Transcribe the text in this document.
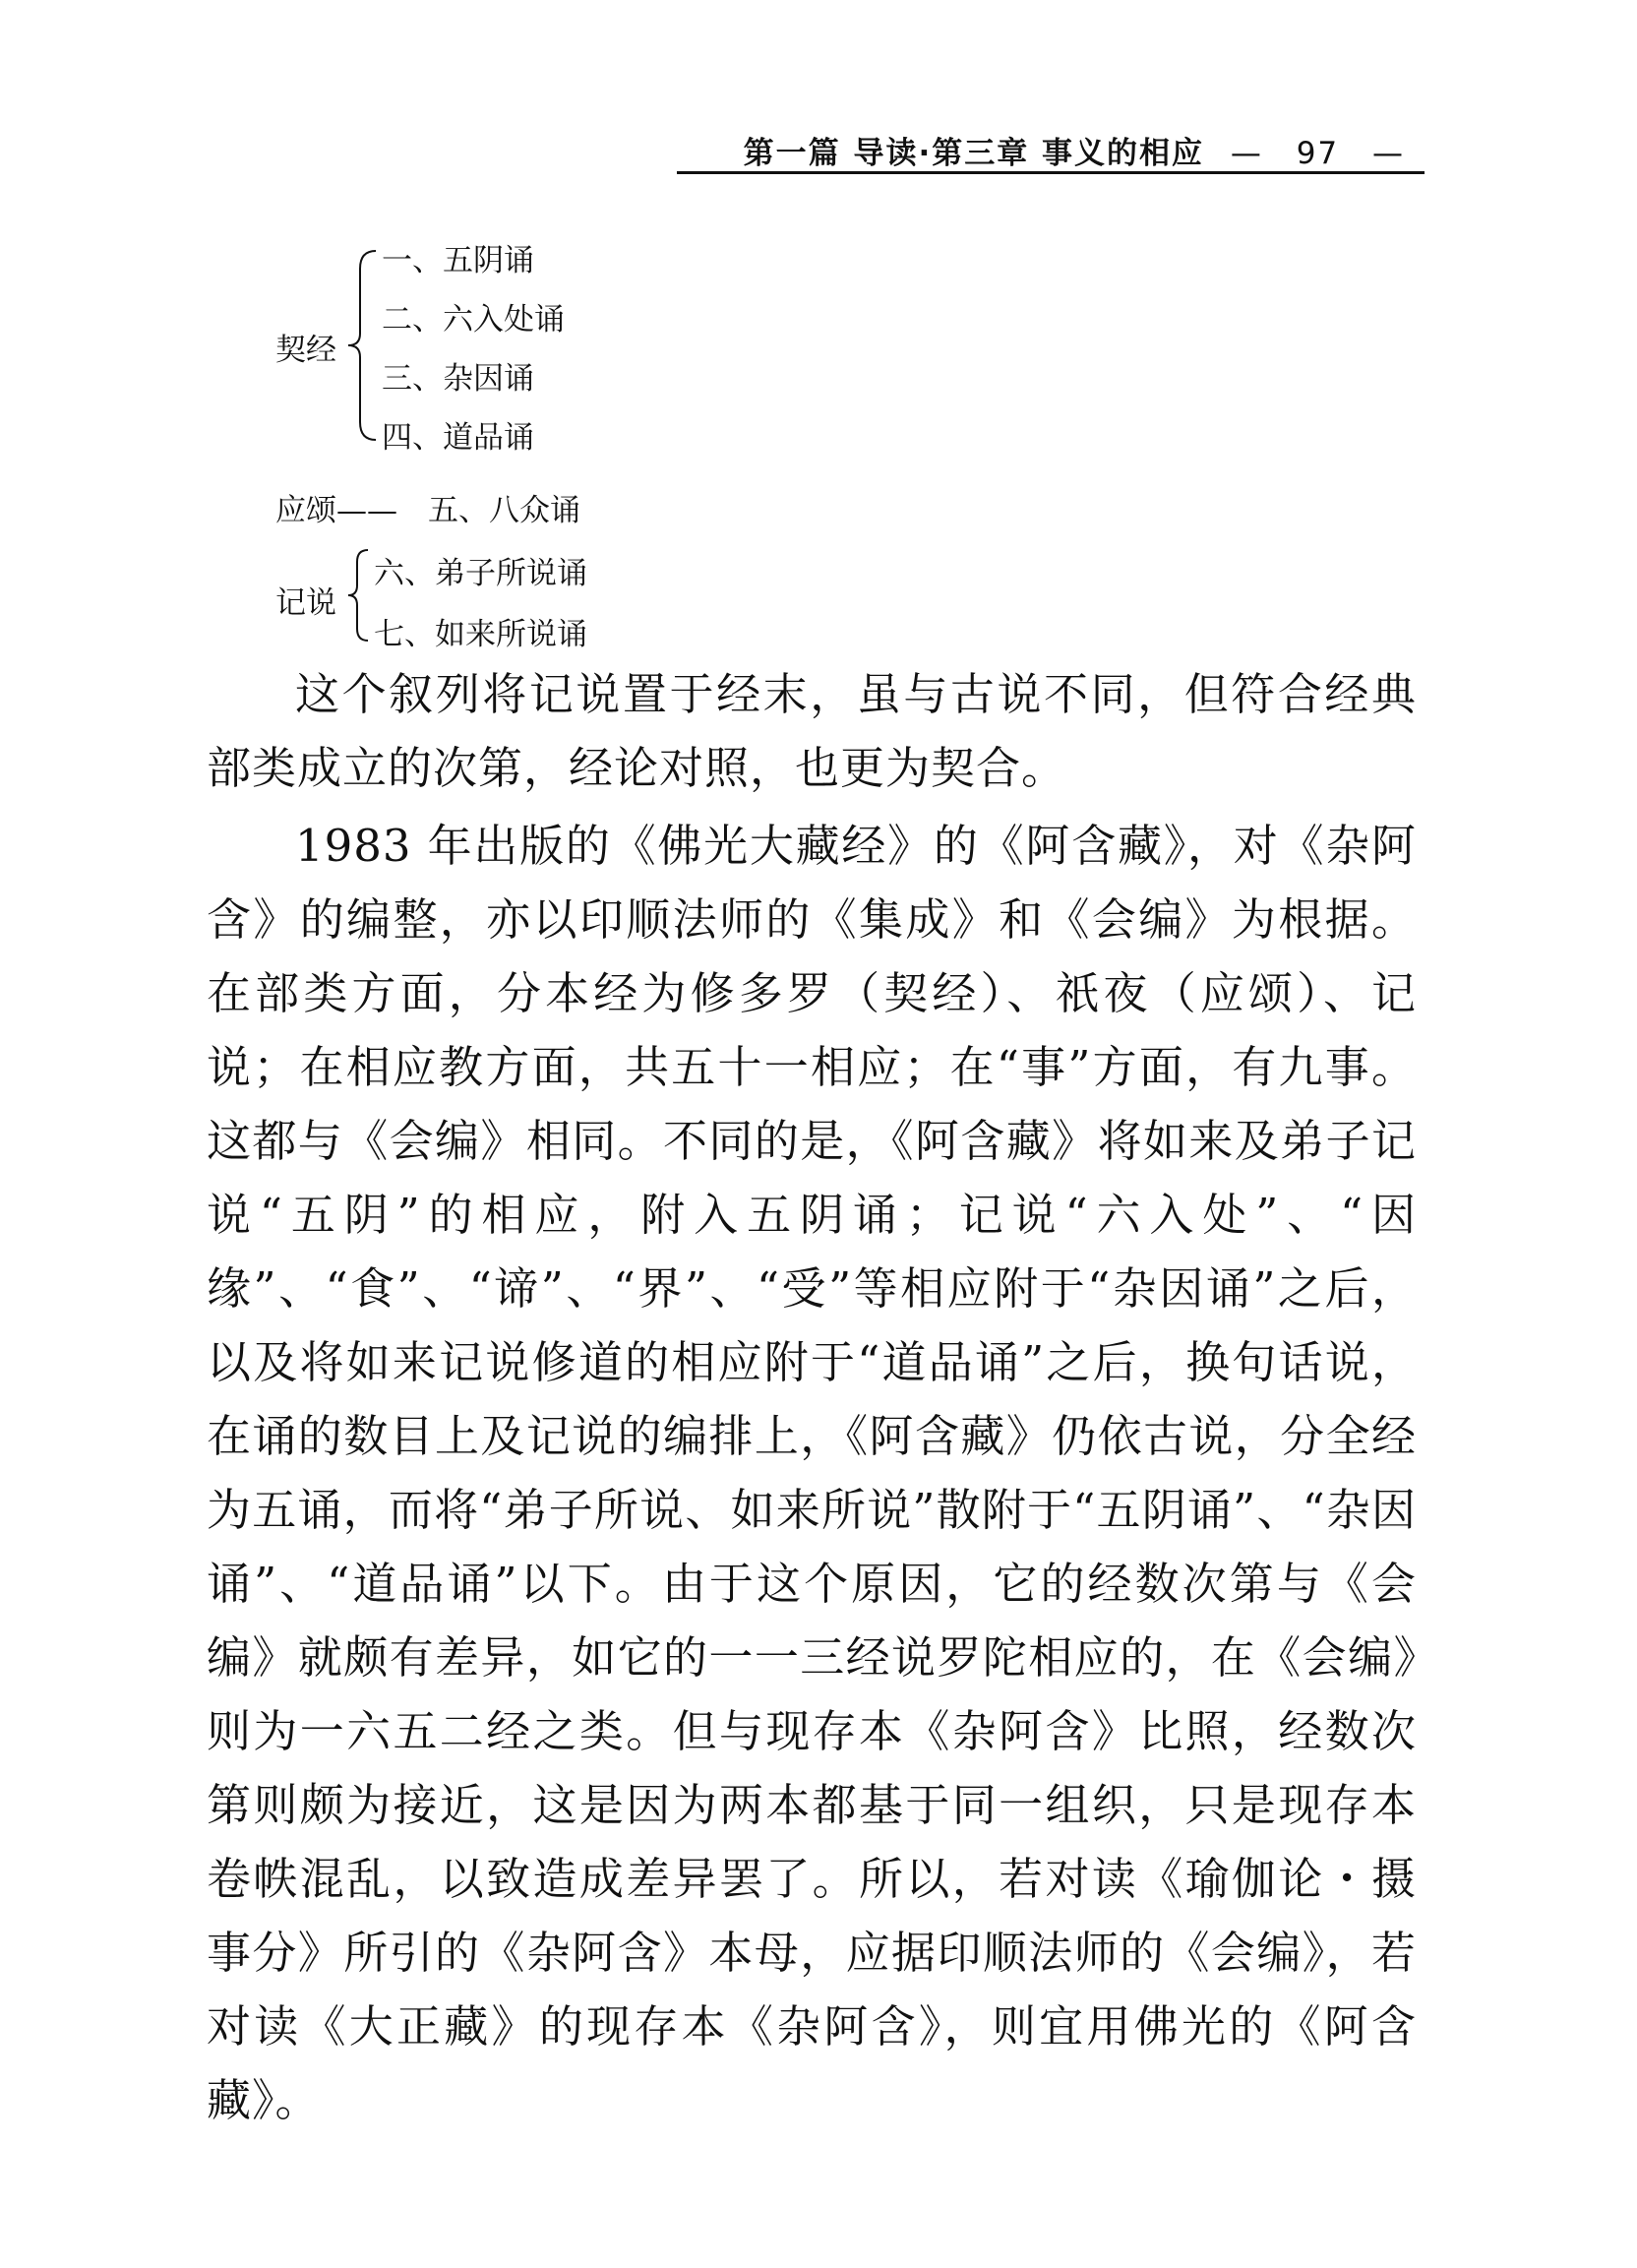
第一篇 导读·第三章 事义的相应 — 97 —
契经
一、五阴诵
二、六入处诵
三、杂因诵
四、道品诵
应颂—— 五、八众诵
记说
六、弟子所说诵
七、如来所说诵

这个叙列将记说置于经末，虽与古说不同，但符合经典部类成立的次第，经论对照，也更为契合。

1983 年出版的《佛光大藏经》的《阿含藏》，对《杂阿含》的编整，亦以印顺法师的《集成》和《会编》为根据。在部类方面，分本经为修多罗（契经）、祇夜（应颂）、记说；在相应教方面，共五十一相应；在“事”方面，有九事。这都与《会编》相同。不同的是，《阿含藏》将如来及弟子记说“五阴”的相应，附入五阴诵；记说“六入处”、“因缘”、“食”、“谛”、“界”、“受”等相应附于“杂因诵”之后，以及将如来记说修道的相应附于“道品诵”之后，换句话说，在诵的数目上及记说的编排上，《阿含藏》仍依古说，分全经为五诵，而将“弟子所说、如来所说”散附于“五阴诵”、“杂因诵”、“道品诵”以下。由于这个原因，它的经数次第与《会编》就颇有差异，如它的一一三经说罗陀相应的，在《会编》则为一六五二经之类。但与现存本《杂阿含》比照，经数次第则颇为接近，这是因为两本都基于同一组织，只是现存本卷帙混乱，以致造成差异罢了。所以，若对读《瑜伽论・摄事分》所引的《杂阿含》本母，应据印顺法师的《会编》，若对读《大正藏》的现存本《杂阿含》，则宜用佛光的《阿含藏》。
